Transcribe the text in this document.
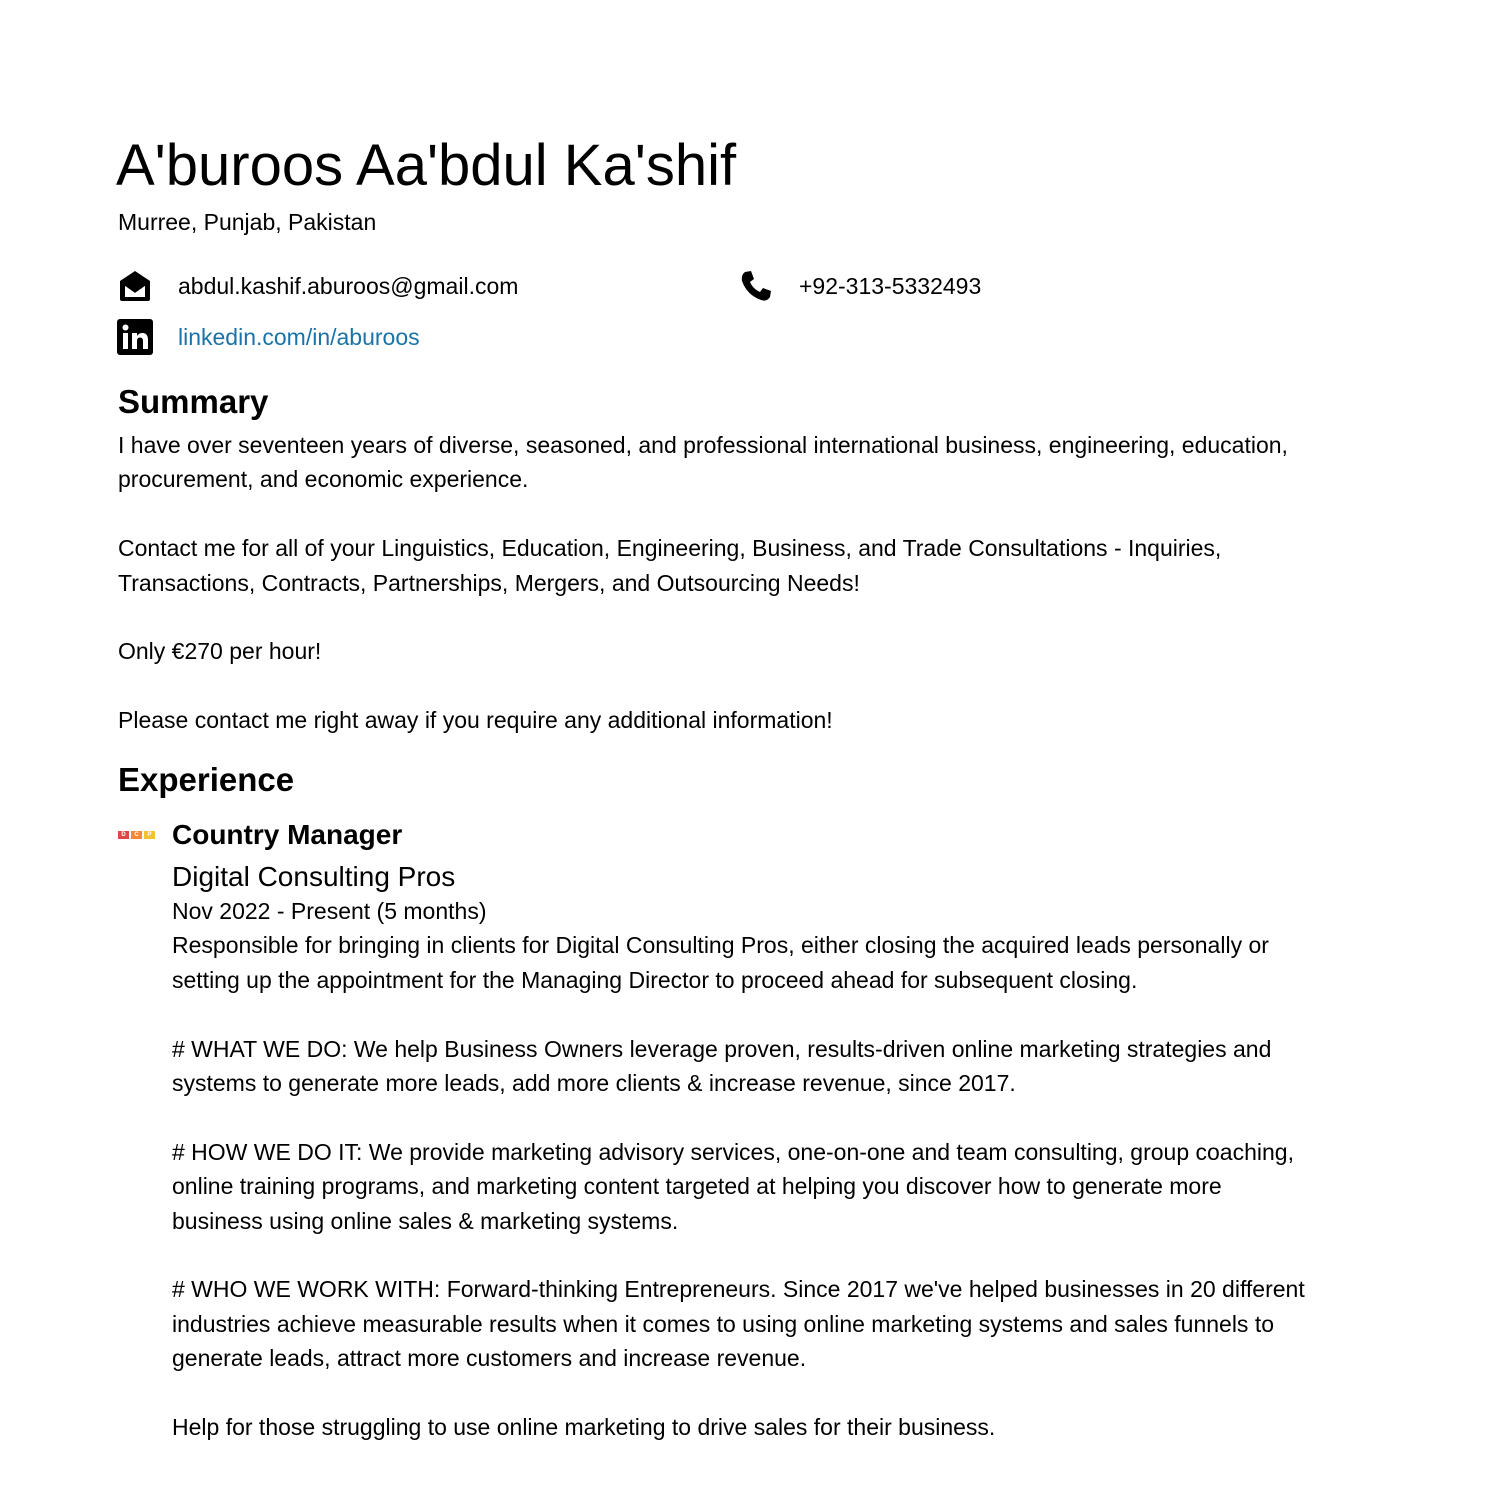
A'buroos Aa'bdul Ka'shif
Murree, Punjab, Pakistan
abdul.kashif.aburoos@gmail.com	+92-313-5332493
linkedin.com/in/aburoos
Summary
I have over seventeen years of diverse, seasoned, and professional international business, engineering, education, procurement, and economic experience.

Contact me for all of your Linguistics, Education, Engineering, Business, and Trade Consultations - Inquiries, Transactions, Contracts, Partnerships, Mergers, and Outsourcing Needs!

Only €270 per hour!

Please contact me right away if you require any additional information!
Experience
D	C	P Country Manager
Digital Consulting Pros
Nov 2022 - Present (5 months)
Responsible for bringing in clients for Digital Consulting Pros, either closing the acquired leads personally or setting up the appointment for the Managing Director to proceed ahead for subsequent closing.

# WHAT WE DO: We help Business Owners leverage proven, results-driven online marketing strategies and systems to generate more leads, add more clients & increase revenue, since 2017.

# HOW WE DO IT: We provide marketing advisory services, one-on-one and team consulting, group coaching, online training programs, and marketing content targeted at helping you discover how to generate more business using online sales & marketing systems.

# WHO WE WORK WITH: Forward-thinking Entrepreneurs. Since 2017 we've helped businesses in 20 different industries achieve measurable results when it comes to using online marketing systems and sales funnels to generate leads, attract more customers and increase revenue.

Help for those struggling to use online marketing to drive sales for their business.
